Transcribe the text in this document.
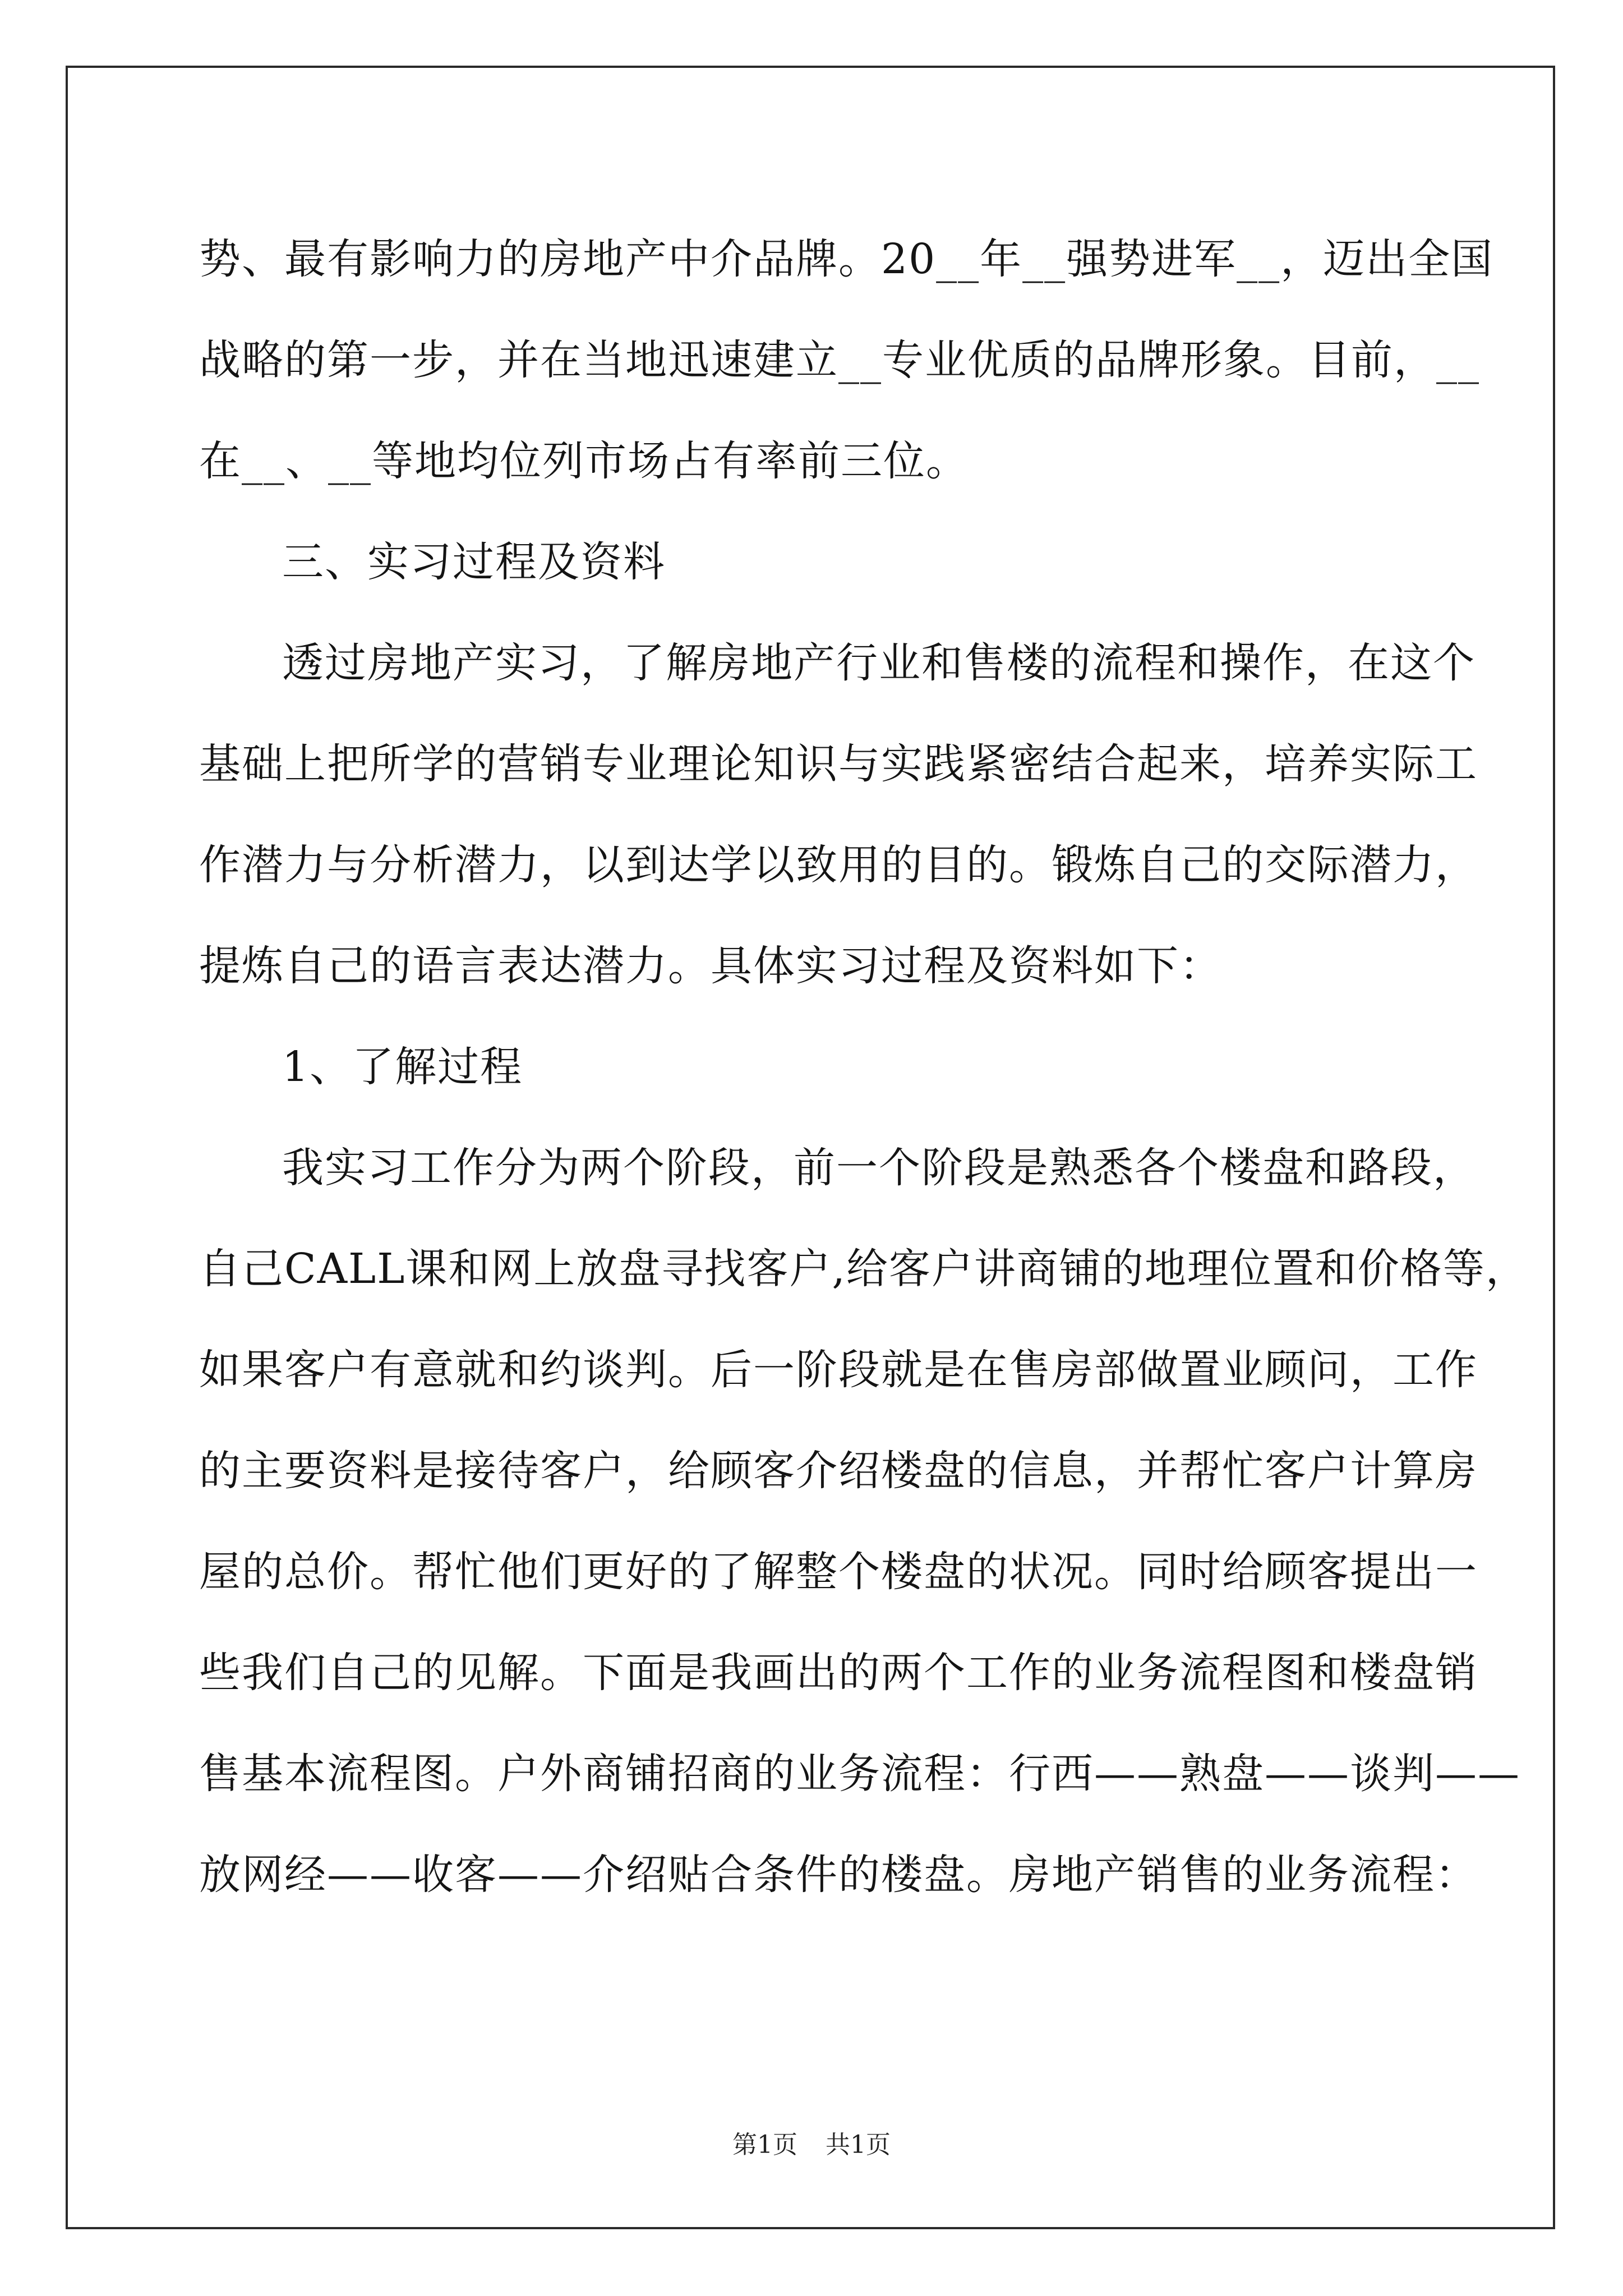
势、最有影响力的房地产中介品牌。20__年__强势进军__，迈出全国
战略的第一步，并在当地迅速建立__专业优质的品牌形象。目前，__
在__、__等地均位列市场占有率前三位。
三、实习过程及资料
透过房地产实习，了解房地产行业和售楼的流程和操作，在这个
基础上把所学的营销专业理论知识与实践紧密结合起来，培养实际工
作潜力与分析潜力，以到达学以致用的目的。锻炼自己的交际潜力，
提炼自己的语言表达潜力。具体实习过程及资料如下：
1、了解过程
我实习工作分为两个阶段，前一个阶段是熟悉各个楼盘和路段，
自己CALL课和网上放盘寻找客户,给客户讲商铺的地理位置和价格等，
如果客户有意就和约谈判。后一阶段就是在售房部做置业顾问，工作
的主要资料是接待客户，给顾客介绍楼盘的信息，并帮忙客户计算房
屋的总价。帮忙他们更好的了解整个楼盘的状况。同时给顾客提出一
些我们自己的见解。下面是我画出的两个工作的业务流程图和楼盘销
售基本流程图。户外商铺招商的业务流程：行西——熟盘——谈判——
放网经——收客——介绍贴合条件的楼盘。房地产销售的业务流程：
第1页 共1页
